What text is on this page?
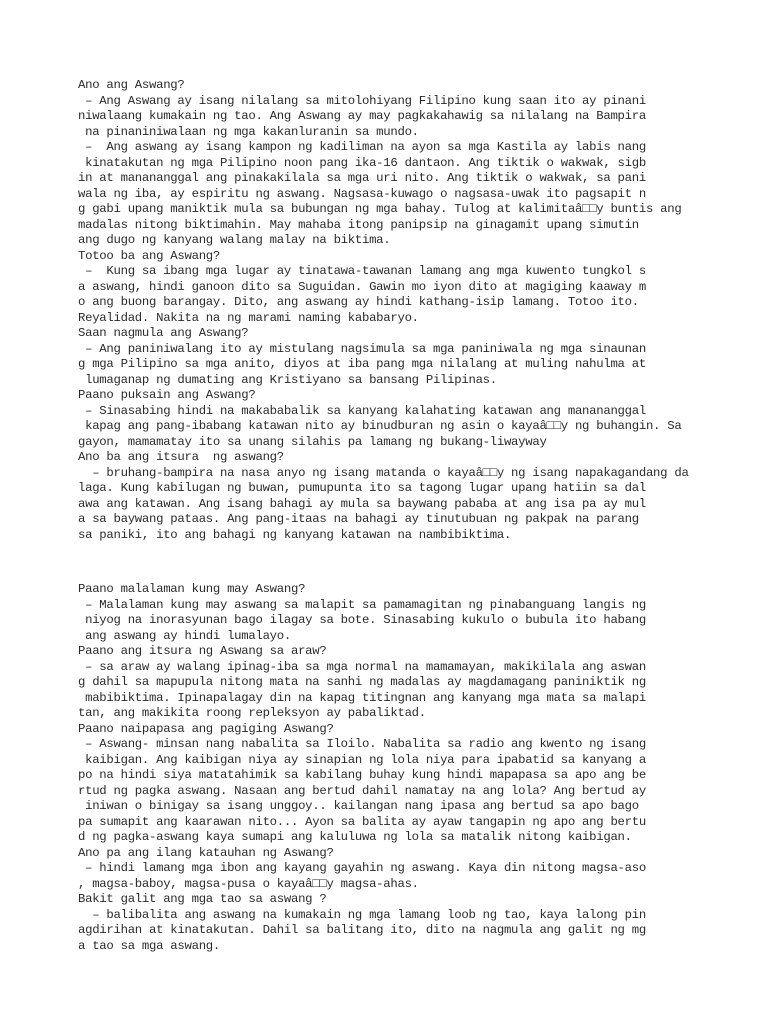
Ano ang Aswang?
– Ang Aswang ay isang nilalang sa mitolohiyang Filipino kung saan ito ay pinani
niwalaang kumakain ng tao. Ang Aswang ay may pagkakahawig sa nilalang na Bampira
na pinaniniwalaan ng mga kakanluranin sa mundo.
–  Ang aswang ay isang kampon ng kadiliman na ayon sa mga Kastila ay labis nang
kinatakutan ng mga Pilipino noon pang ika-16 dantaon. Ang tiktik o wakwak, sigb
in at manananggal ang pinakakilala sa mga uri nito. Ang tiktik o wakwak, sa pani
wala ng iba, ay espiritu ng aswang. Nagsasa-kuwago o nagsasa-uwak ito pagsapit n
g gabi upang maniktik mula sa bubungan ng mga bahay. Tulog at kalimitaâ□□y buntis ang
madalas nitong biktimahin. May mahaba itong panipsip na ginagamit upang simutin
ang dugo ng kanyang walang malay na biktima.
Totoo ba ang Aswang?
–  Kung sa ibang mga lugar ay tinatawa-tawanan lamang ang mga kuwento tungkol s
a aswang, hindi ganoon dito sa Suguidan. Gawin mo iyon dito at magiging kaaway m
o ang buong barangay. Dito, ang aswang ay hindi kathang-isip lamang. Totoo ito.
Reyalidad. Nakita na ng marami naming kababaryo.
Saan nagmula ang Aswang?
– Ang paniniwalang ito ay mistulang nagsimula sa mga paniniwala ng mga sinaunan
g mga Pilipino sa mga anito, diyos at iba pang mga nilalang at muling nahulma at
lumaganap ng dumating ang Kristiyano sa bansang Pilipinas.
Paano puksain ang Aswang?
– Sinasabing hindi na makababalik sa kanyang kalahating katawan ang manananggal
kapag ang pang-ibabang katawan nito ay binudburan ng asin o kayaâ□□y ng buhangin. Sa
gayon, mamamatay ito sa unang silahis pa lamang ng bukang-liwayway
Ano ba ang itsura  ng aswang?
– bruhang-bampira na nasa anyo ng isang matanda o kayaâ□□y ng isang napakagandang da
laga. Kung kabilugan ng buwan, pumupunta ito sa tagong lugar upang hatiin sa dal
awa ang katawan. Ang isang bahagi ay mula sa baywang pababa at ang isa pa ay mul
a sa baywang pataas. Ang pang-itaas na bahagi ay tinutubuan ng pakpak na parang
sa paniki, ito ang bahagi ng kanyang katawan na nambibiktima.
Paano malalaman kung may Aswang?
– Malalaman kung may aswang sa malapit sa pamamagitan ng pinabanguang langis ng
niyog na inorasyunan bago ilagay sa bote. Sinasabing kukulo o bubula ito habang
ang aswang ay hindi lumalayo.
Paano ang itsura ng Aswang sa araw?
– sa araw ay walang ipinag-iba sa mga normal na mamamayan, makikilala ang aswan
g dahil sa mapupula nitong mata na sanhi ng madalas ay magdamagang paniniktik ng
mabibiktima. Ipinapalagay din na kapag titingnan ang kanyang mga mata sa malapi
tan, ang makikita roong repleksyon ay pabaliktad.
Paano naipapasa ang pagiging Aswang?
– Aswang- minsan nang nabalita sa Iloilo. Nabalita sa radio ang kwento ng isang
kaibigan. Ang kaibigan niya ay sinapian ng lola niya para ipabatid sa kanyang a
po na hindi siya matatahimik sa kabilang buhay kung hindi mapapasa sa apo ang be
rtud ng pagka aswang. Nasaan ang bertud dahil namatay na ang lola? Ang bertud ay
iniwan o binigay sa isang unggoy.. kailangan nang ipasa ang bertud sa apo bago
pa sumapit ang kaarawan nito... Ayon sa balita ay ayaw tangapin ng apo ang bertu
d ng pagka-aswang kaya sumapi ang kaluluwa ng lola sa matalik nitong kaibigan.
Ano pa ang ilang katauhan ng Aswang?
– hindi lamang mga ibon ang kayang gayahin ng aswang. Kaya din nitong magsa-aso
, magsa-baboy, magsa-pusa o kayaâ□□y magsa-ahas.
Bakit galit ang mga tao sa aswang ?
– balibalita ang aswang na kumakain ng mga lamang loob ng tao, kaya lalong pin
agdirihan at kinatakutan. Dahil sa balitang ito, dito na nagmula ang galit ng mg
a tao sa mga aswang.
